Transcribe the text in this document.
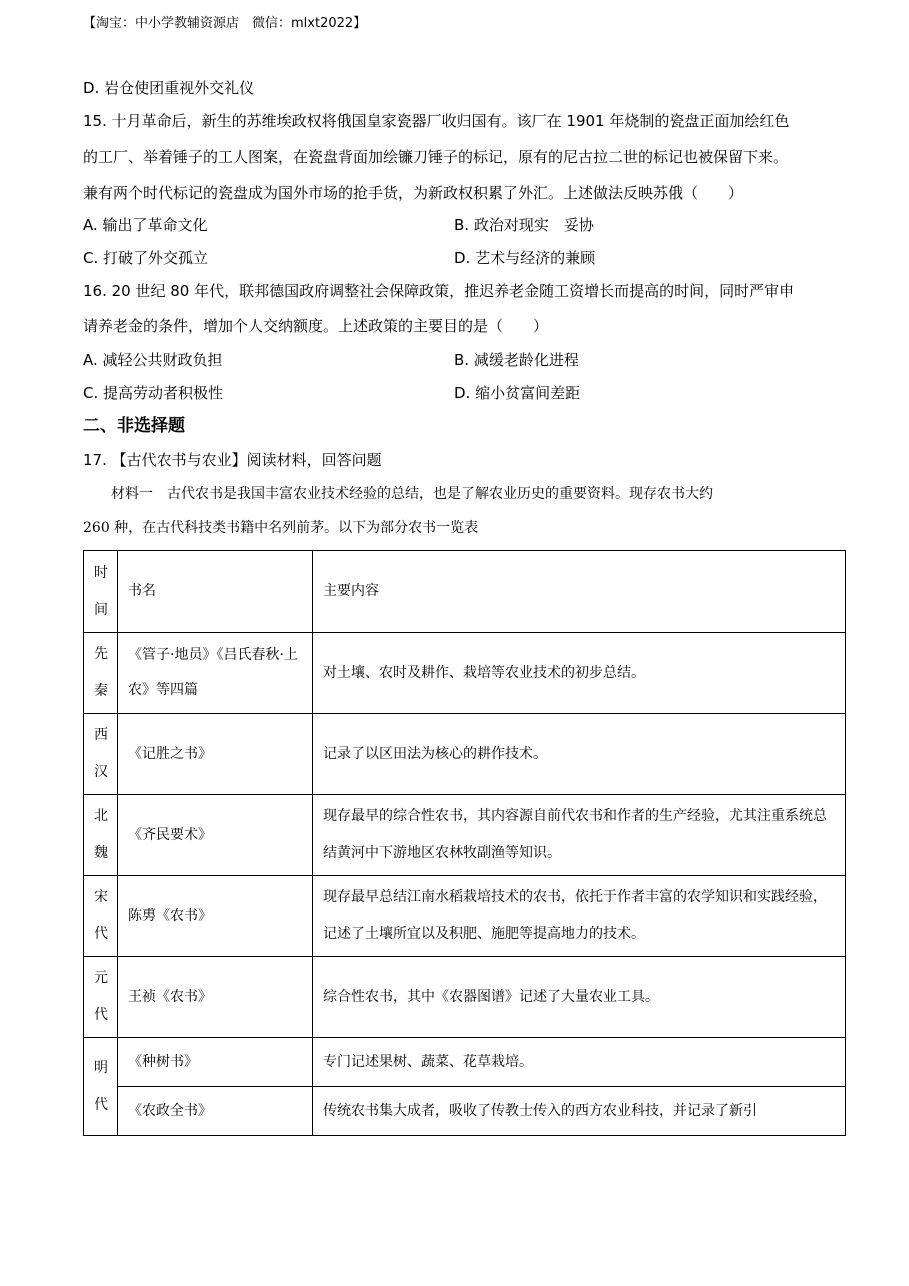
【淘宝：中小学教辅资源店　微信：mlxt2022】
D. 岩仓使团重视外交礼仪
15. 十月革命后，新生的苏维埃政权将俄国皇家瓷器厂收归国有。该厂在 1901 年烧制的瓷盘正面加绘红色
的工厂、举着锤子的工人图案，在瓷盘背面加绘镰刀锤子的标记，原有的尼古拉二世的标记也被保留下来。
兼有两个时代标记的瓷盘成为国外市场的抢手货，为新政权积累了外汇。上述做法反映苏俄（　　）
A. 输出了革命文化	B. 政治对现实　妥协
C. 打破了外交孤立	D. 艺术与经济的兼顾
16. 20 世纪 80 年代，联邦德国政府调整社会保障政策，推迟养老金随工资增长而提高的时间，同时严审申
请养老金的条件，增加个人交纳额度。上述政策的主要目的是（　　）
A. 减轻公共财政负担	B. 减缓老龄化进程
C. 提高劳动者积极性	D. 缩小贫富间差距
二、非选择题
17. 【古代农书与农业】阅读材料，回答问题
　　材料一　古代农书是我国丰富农业技术经验的总结，也是了解农业历史的重要资料。现存农书大约
260 种，在古代科技类书籍中名列前茅。以下为部分农书一览表
时
间	书名	主要内容

先
秦	《管子·地员》《吕氏春秋·上农》等四篇	对土壤、农时及耕作、栽培等农业技术的初步总结。

西
汉	《记胜之书》	记录了以区田法为核心的耕作技术。

北
魏	《齐民要术》	现存最早的综合性农书，其内容源自前代农书和作者的生产经验，尤其注重系统总结黄河中下游地区农林牧副渔等知识。

宋
代	陈旉《农书》	现存最早总结江南水稻栽培技术的农书，依托于作者丰富的农学知识和实践经验，记述了土壤所宜以及积肥、施肥等提高地力的技术。

元
代	王祯《农书》	综合性农书，其中《农器图谱》记述了大量农业工具。

明
代	《种树书》	专门记述果树、蔬菜、花草栽培。
	《农政全书》	传统农书集大成者，吸收了传教士传入的西方农业科技，并记录了新引
